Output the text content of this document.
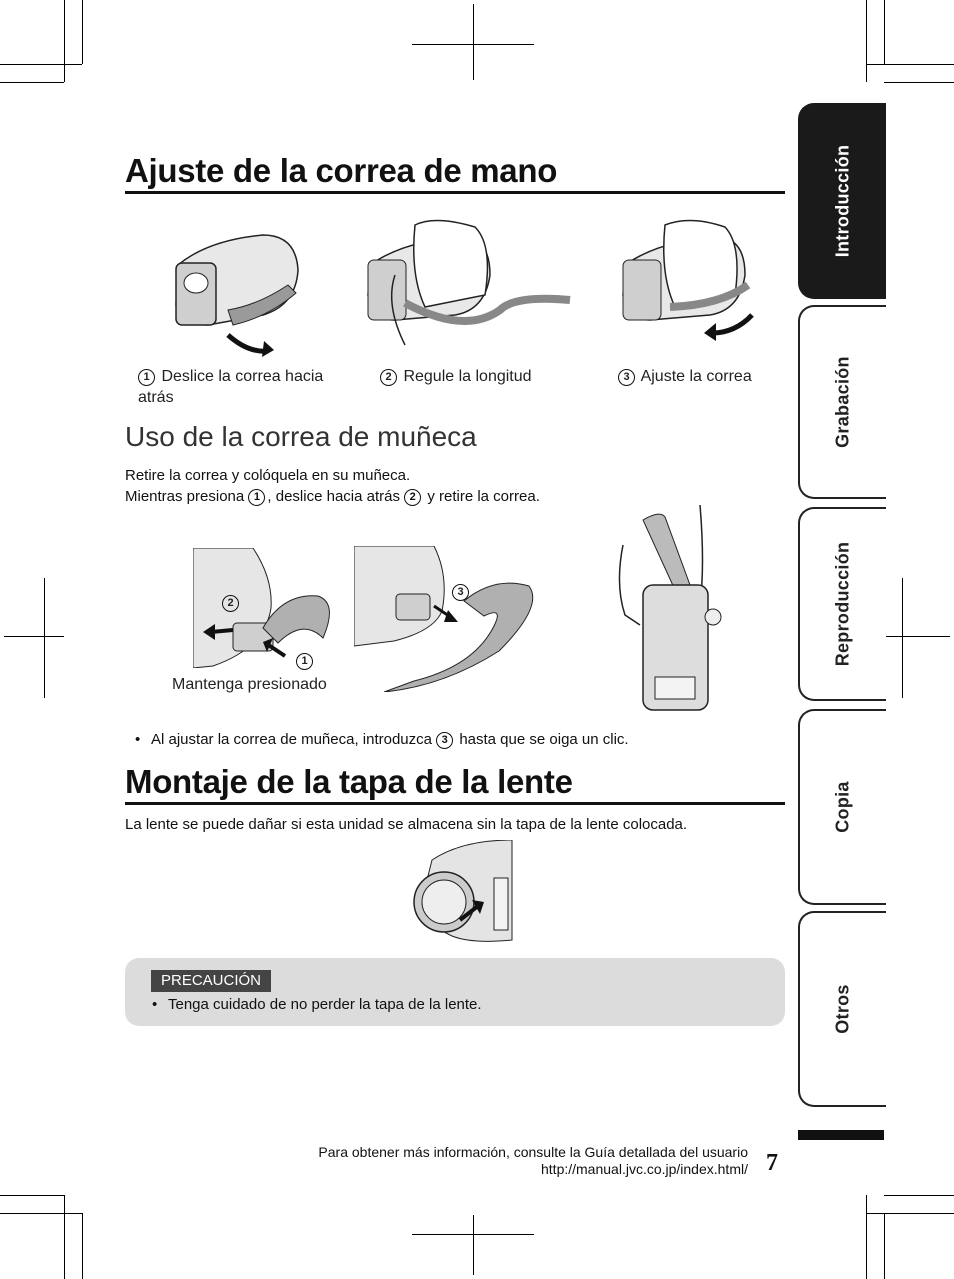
Ajuste de la correa de mano
1 Deslice la correa hacia atrás
2 Regule la longitud	3 Ajuste la correa
Uso de la correa de muñeca
Retire la correa y colóquela en su muñeca.
Mientras presiona 1 , deslice hacia atrás 2 y retire la correa.
2
1
Mantenga presionado
3
• Al ajustar la correa de muñeca, introduzca 3 hasta que se oiga un clic.
Montaje de la tapa de la lente
La lente se puede dañar si esta unidad se almacena sin la tapa de la lente colocada.
PRECAUCIÓN
• Tenga cuidado de no perder la tapa de la lente.
Introducción
Grabación
Reproducción
Copia
Otros
Para obtener más información, consulte la Guía detallada del usuario
http://manual.jvc.co.jp/index.html/ 7
